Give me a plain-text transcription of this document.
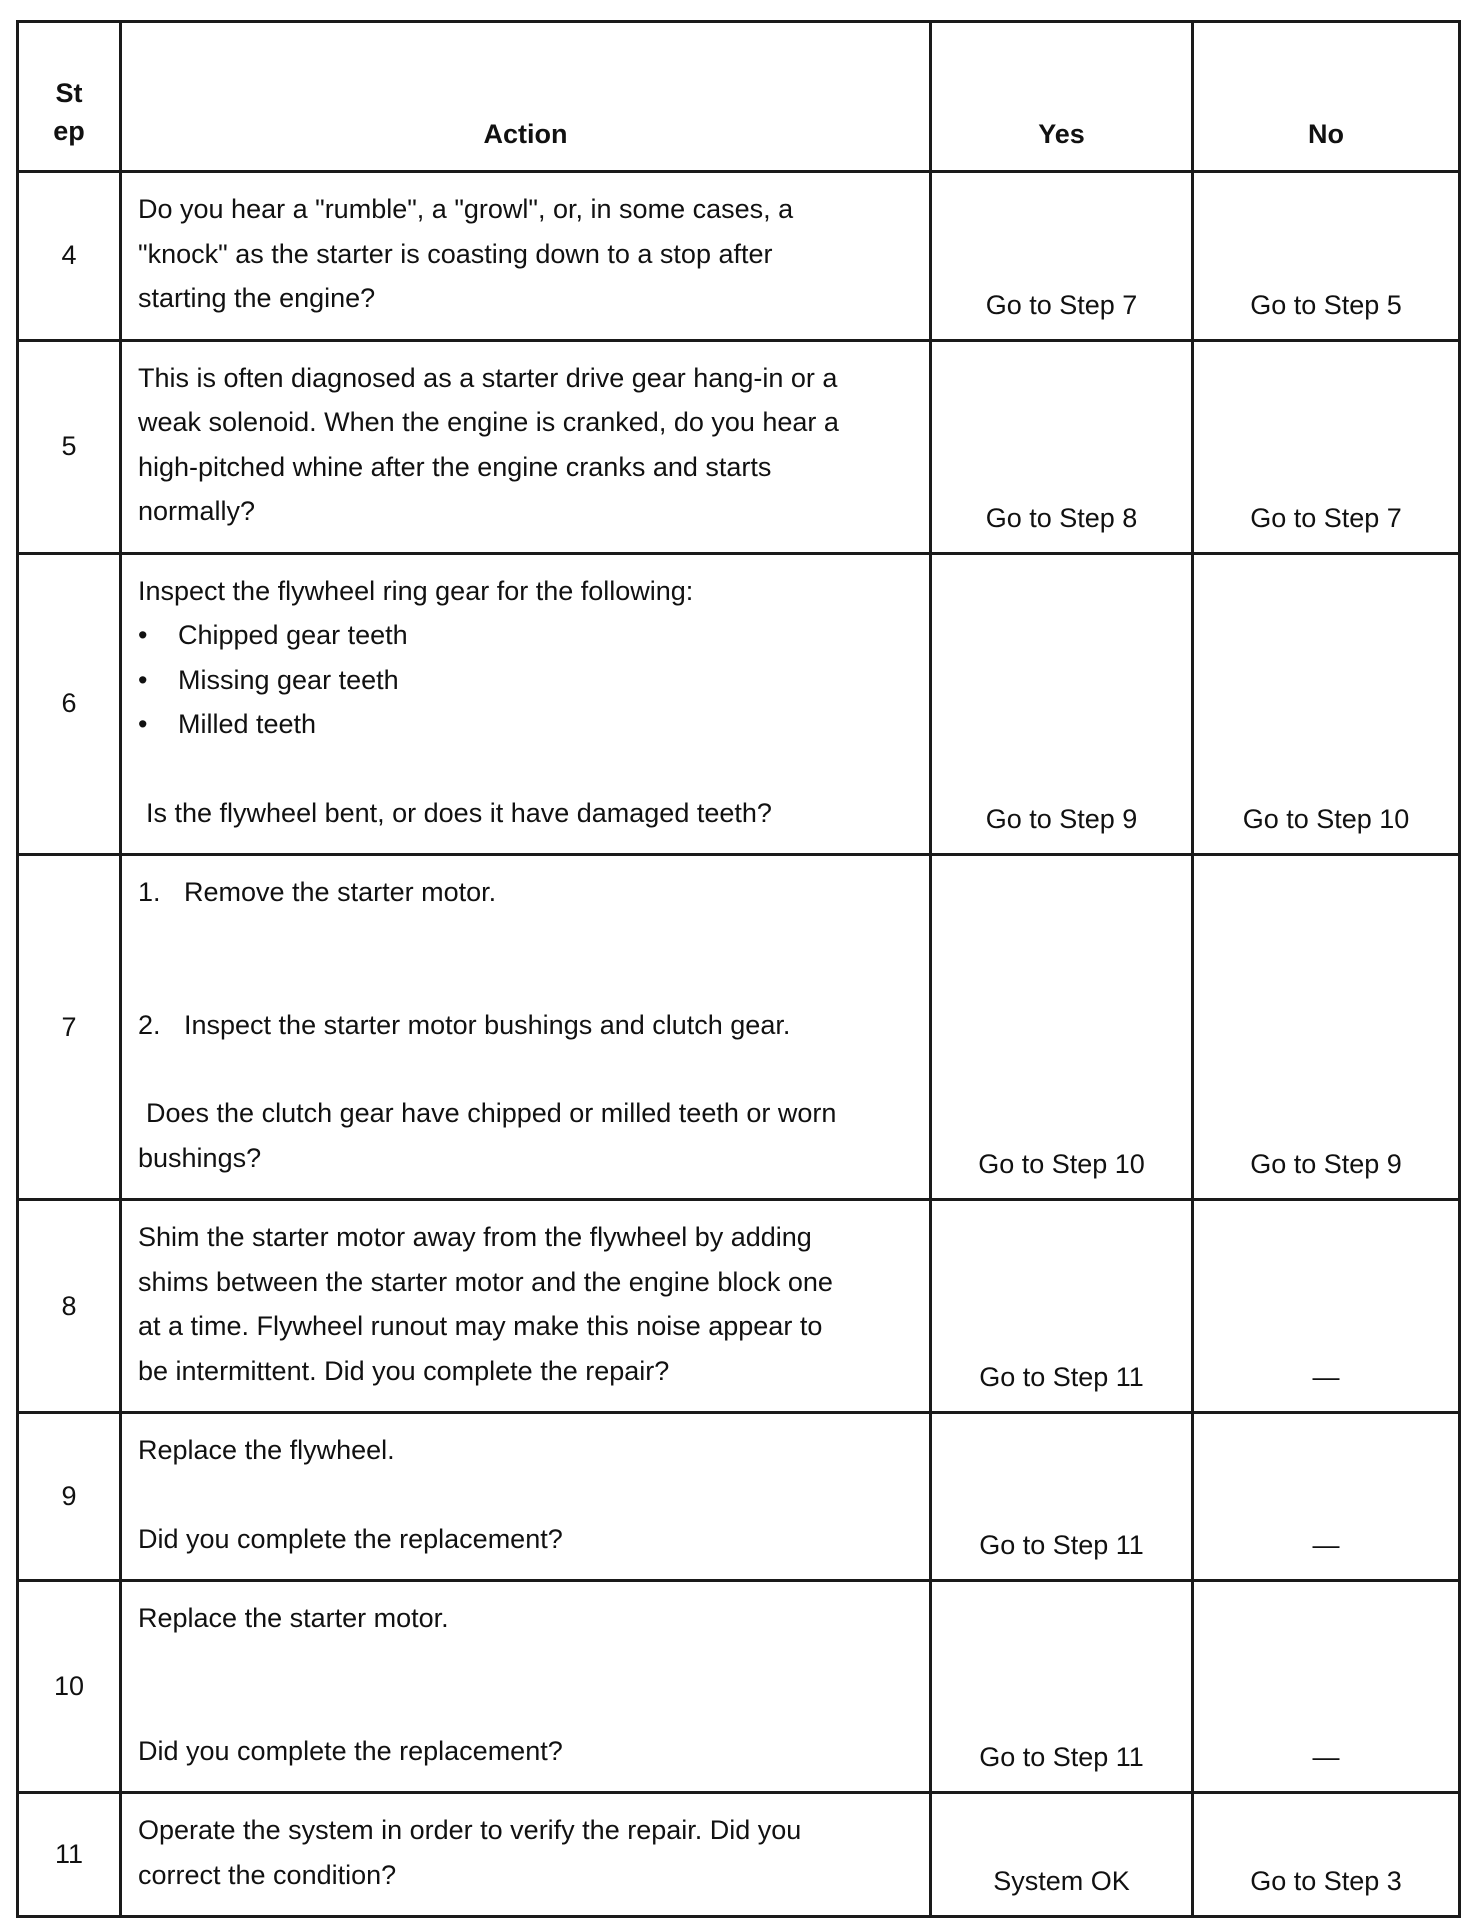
St
ep	Action	Yes	No
4	Do you hear a "rumble", a "growl", or, in some cases, a
"knock" as the starter is coasting down to a stop after
starting the engine?	Go to Step 7	Go to Step 5
5	This is often diagnosed as a starter drive gear hang-in or a
weak solenoid. When the engine is cranked, do you hear a
high-pitched whine after the engine cranks and starts
normally?	Go to Step 8	Go to Step 7
6	Inspect the flywheel ring gear for the following:
• Chipped gear teeth
• Missing gear teeth
• Milled teeth
Is the flywheel bent, or does it have damaged teeth?	Go to Step 9	Go to Step 10
7	1. Remove the starter motor.
2. Inspect the starter motor bushings and clutch gear.
Does the clutch gear have chipped or milled teeth or worn
bushings?	Go to Step 10	Go to Step 9
8	Shim the starter motor away from the flywheel by adding
shims between the starter motor and the engine block one
at a time. Flywheel runout may make this noise appear to
be intermittent. Did you complete the repair?	Go to Step 11	—
9	Replace the flywheel.
Did you complete the replacement?	Go to Step 11	—
10	Replace the starter motor.
Did you complete the replacement?	Go to Step 11	—
11	Operate the system in order to verify the repair. Did you
correct the condition?	System OK	Go to Step 3
